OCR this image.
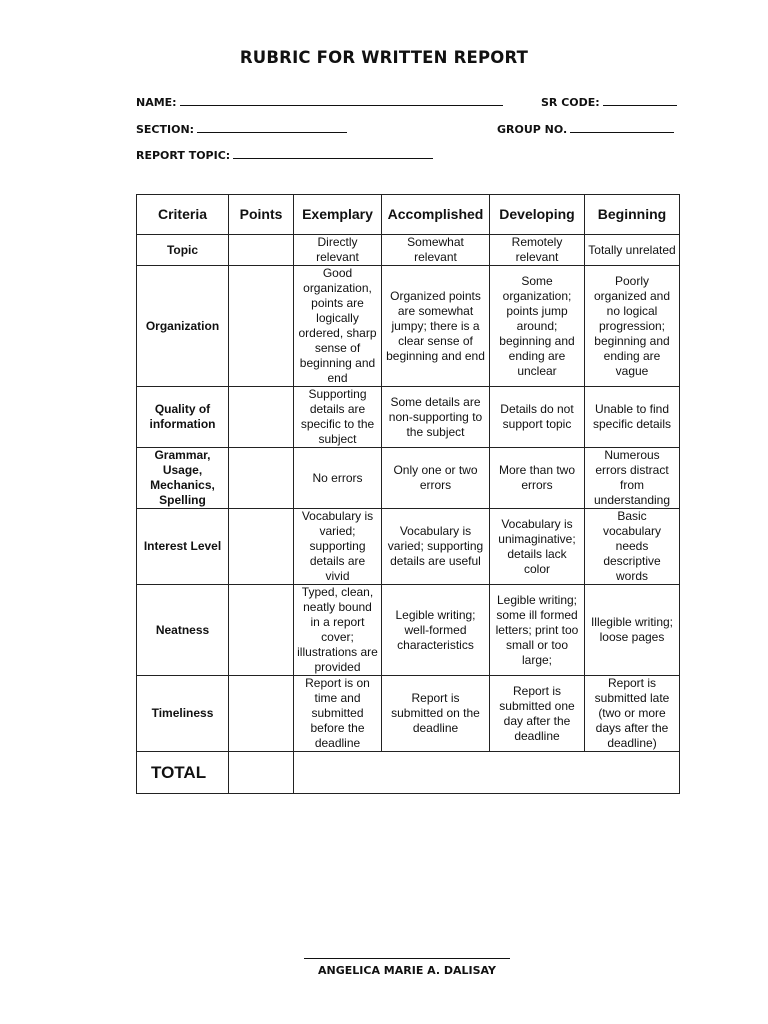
RUBRIC FOR WRITTEN REPORT
NAME:	SR CODE:
SECTION:	GROUP NO.
REPORT TOPIC:
Criteria	Points	Exemplary	Accomplished	Developing	Beginning
Topic		Directly relevant	Somewhat relevant	Remotely relevant	Totally unrelated
Organization		Good organization, points are logically ordered, sharp sense of beginning and end	Organized points are somewhat jumpy; there is a clear sense of beginning and end	Some organization; points jump around; beginning and ending are unclear	Poorly organized and no logical progression; beginning and ending are vague
Quality of information		Supporting details are specific to the subject	Some details are non-supporting to the subject	Details do not support topic	Unable to find specific details
Grammar, Usage, Mechanics, Spelling		No errors	Only one or two errors	More than two errors	Numerous errors distract from understanding
Interest Level		Vocabulary is varied; supporting details are vivid	Vocabulary is varied; supporting details are useful	Vocabulary is unimaginative; details lack color	Basic vocabulary needs descriptive words
Neatness		Typed, clean, neatly bound in a report cover; illustrations are provided	Legible writing; well-formed characteristics	Legible writing; some ill formed letters; print too small or too large;	Illegible writing; loose pages
Timeliness		Report is on time and submitted before the deadline	Report is submitted on the deadline	Report is submitted one day after the deadline	Report is submitted late (two or more days after the deadline)
TOTAL					
ANGELICA MARIE A. DALISAY
